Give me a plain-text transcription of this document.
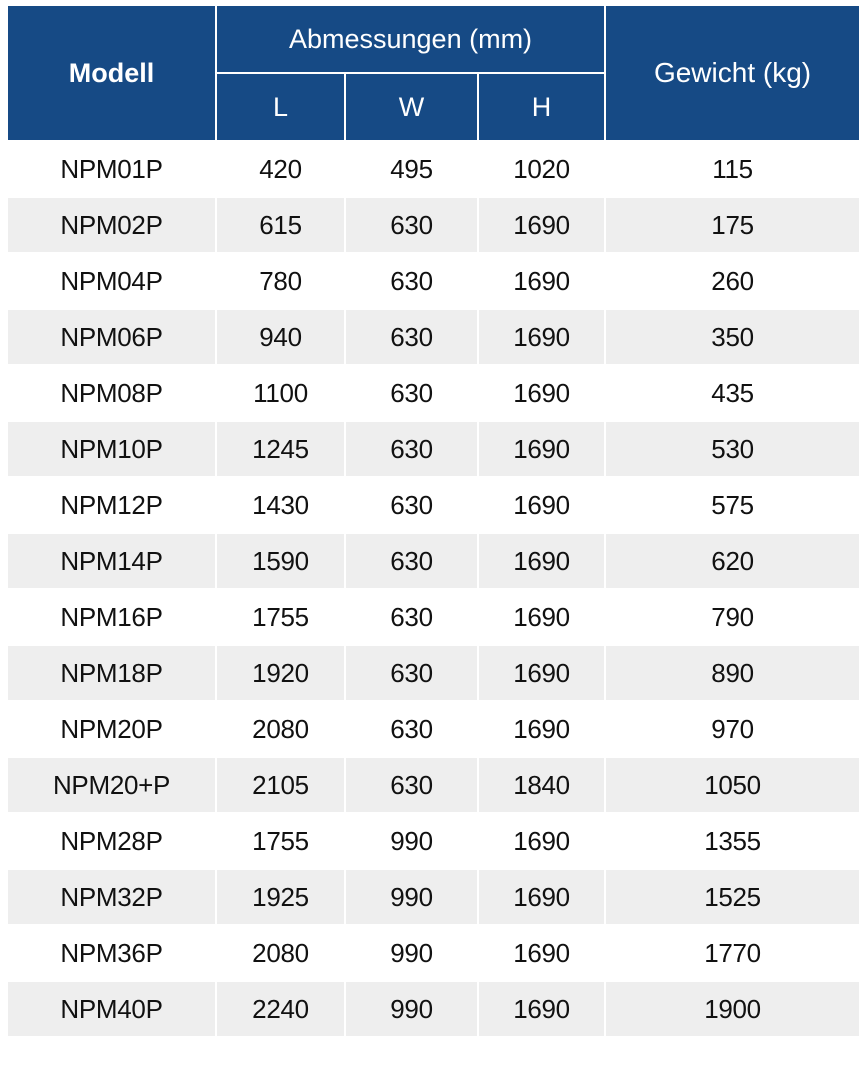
Modell	Abmessungen (mm)			Gewicht (kg)
	L	W	H	
NPM01P	420	495	1020	115
NPM02P	615	630	1690	175
NPM04P	780	630	1690	260
NPM06P	940	630	1690	350
NPM08P	1100	630	1690	435
NPM10P	1245	630	1690	530
NPM12P	1430	630	1690	575
NPM14P	1590	630	1690	620
NPM16P	1755	630	1690	790
NPM18P	1920	630	1690	890
NPM20P	2080	630	1690	970
NPM20+P	2105	630	1840	1050
NPM28P	1755	990	1690	1355
NPM32P	1925	990	1690	1525
NPM36P	2080	990	1690	1770
NPM40P	2240	990	1690	1900
